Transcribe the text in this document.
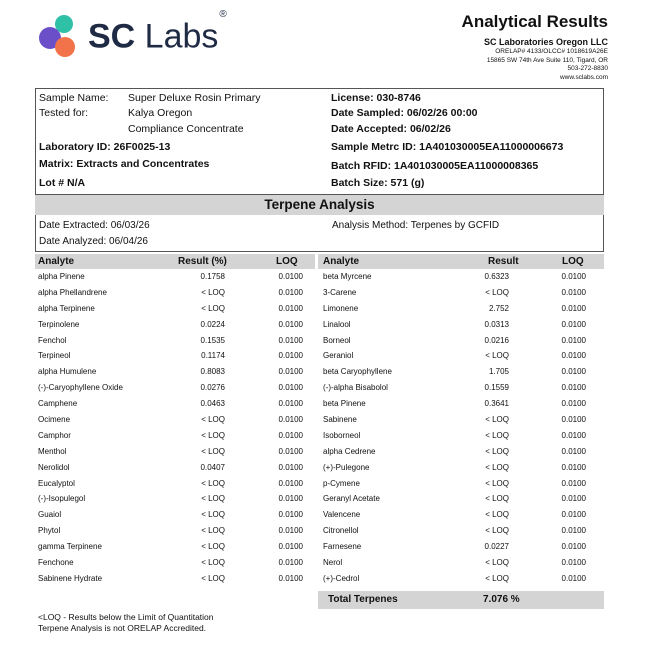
SC Labs®	Analytical Results
SC Laboratories Oregon LLC
ORELAP# 4133/OLCC# 1018619A26E
15865 SW 74th Ave Suite 110, Tigard, OR
503-272-8830
www.sclabs.com
Sample Name: Super Deluxe Rosin Primary
Tested for:	Kalya Oregon
Compliance Concentrate
Laboratory ID: 26F0025-13
Matrix: Extracts and Concentrates
Lot # N/A
License: 030-8746
Date Sampled: 06/02/26 00:00
Date Accepted: 06/02/26
Sample Metrc ID: 1A401030005EA11000006673
Batch RFID: 1A401030005EA11000008365
Batch Size: 571 (g)
Terpene Analysis
Date Extracted: 06/03/26
Date Analyzed: 06/04/26
Analysis Method: Terpenes by GCFID
Analyte	Result (%)	LOQ
alpha Pinene	0.1758	0.0100
alpha Phellandrene	< LOQ	0.0100
alpha Terpinene	< LOQ	0.0100
Terpinolene	0.0224	0.0100
Fenchol	0.1535	0.0100
Terpineol	0.1174	0.0100
alpha Humulene	0.8083	0.0100
(-)-Caryophyllene Oxide	0.0276	0.0100
Camphene	0.0463	0.0100
Ocimene	< LOQ	0.0100
Camphor	< LOQ	0.0100
Menthol	< LOQ	0.0100
Nerolidol	0.0407	0.0100
Eucalyptol	< LOQ	0.0100
(-)-Isopulegol	< LOQ	0.0100
Guaiol	< LOQ	0.0100
Phytol	< LOQ	0.0100
gamma Terpinene	< LOQ	0.0100
Fenchone	< LOQ	0.0100
Sabinene Hydrate	< LOQ	0.0100
Analyte	Result	LOQ
beta Myrcene	0.6323	0.0100
3-Carene	< LOQ	0.0100
Limonene	2.752	0.0100
Linalool	0.0313	0.0100
Borneol	0.0216	0.0100
Geraniol	< LOQ	0.0100
beta Caryophyllene	1.705	0.0100
(-)-alpha Bisabolol	0.1559	0.0100
beta Pinene	0.3641	0.0100
Sabinene	< LOQ	0.0100
Isoborneol	< LOQ	0.0100
alpha Cedrene	< LOQ	0.0100
(+)-Pulegone	< LOQ	0.0100
p-Cymene	< LOQ	0.0100
Geranyl Acetate	< LOQ	0.0100
Valencene	< LOQ	0.0100
Citronellol	< LOQ	0.0100
Farnesene	0.0227	0.0100
Nerol	< LOQ	0.0100
(+)-Cedrol	< LOQ	0.0100
Total Terpenes	7.076 %
<LOQ - Results below the Limit of Quantitation
Terpene Analysis is not ORELAP Accredited.
